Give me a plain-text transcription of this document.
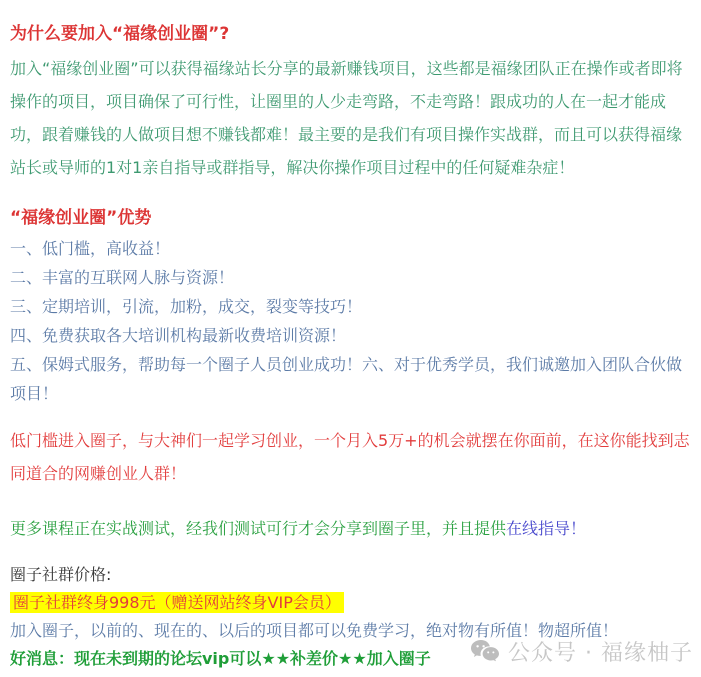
为什么要加入“福缘创业圈”?

加入“福缘创业圈”可以获得福缘站长分享的最新赚钱项目，这些都是福缘团队正在操作或者即将操作的项目，项目确保了可行性，让圈里的人少走弯路，不走弯路！跟成功的人在一起才能成功，跟着赚钱的人做项目想不赚钱都难！最主要的是我们有项目操作实战群，而且可以获得福缘站长或导师的1对1亲自指导或群指导，解决你操作项目过程中的任何疑难杂症！

“福缘创业圈”优势

一、低门槛，高收益！

二、丰富的互联网人脉与资源！

三、定期培训，引流，加粉，成交，裂变等技巧！

四、免费获取各大培训机构最新收费培训资源！

五、保姆式服务，帮助每一个圈子人员创业成功！六、对于优秀学员，我们诚邀加入团队合伙做项目！

低门槛进入圈子，与大神们一起学习创业，一个月入5万+的机会就摆在你面前，在这你能找到志同道合的网赚创业人群！

更多课程正在实战测试，经我们测试可行才会分享到圈子里，并且提供在线指导！

圈子社群价格:

圈子社群终身998元（赠送网站终身VIP会员）

加入圈子，以前的、现在的、以后的项目都可以免费学习，绝对物有所值！物超所值！

好消息：现在未到期的论坛vip可以★★补差价★★加入圈子	公众号 · 福缘柚子
